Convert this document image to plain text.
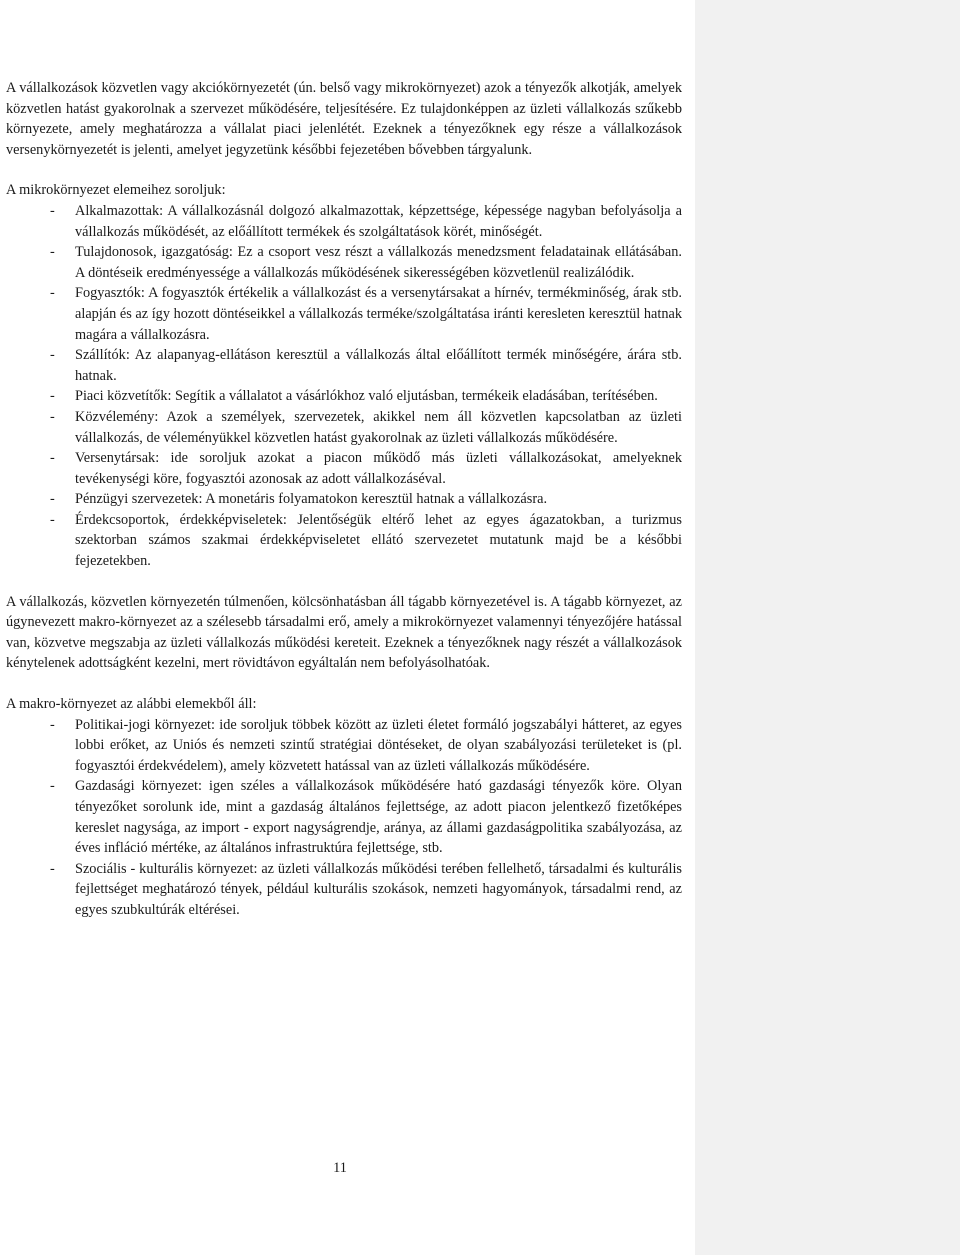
A vállalkozások közvetlen vagy akciókörnyezetét (ún. belső vagy mikrokörnyezet) azok a tényezők alkotják, amelyek közvetlen hatást gyakorolnak a szervezet működésére, teljesítésére. Ez tulajdonképpen az üzleti vállalkozás szűkebb környezete, amely meghatározza a vállalat piaci jelenlétét. Ezeknek a tényezőknek egy része a vállalkozások versenykörnyezetét is jelenti, amelyet jegyzetünk későbbi fejezetében bővebben tárgyalunk.

A mikrokörnyezet elemeihez soroljuk:

- Alkalmazottak: A vállalkozásnál dolgozó alkalmazottak, képzettsége, képessége nagyban befolyásolja a vállalkozás működését, az előállított termékek és szolgáltatások körét, minőségét.
- Tulajdonosok, igazgatóság: Ez a csoport vesz részt a vállalkozás menedzsment feladatainak ellátásában. A döntéseik eredményessége a vállalkozás működésének sikerességében közvetlenül realizálódik.
- Fogyasztók: A fogyasztók értékelik a vállalkozást és a versenytársakat a hírnév, termékminőség, árak stb. alapján és az így hozott döntéseikkel a vállalkozás terméke/szolgáltatása iránti keresleten keresztül hatnak magára a vállalkozásra.
- Szállítók: Az alapanyag-ellátáson keresztül a vállalkozás által előállított termék minőségére, árára stb. hatnak.
- Piaci közvetítők: Segítik a vállalatot a vásárlókhoz való eljutásban, termékeik eladásában, terítésében.
- Közvélemény: Azok a személyek, szervezetek, akikkel nem áll közvetlen kapcsolatban az üzleti vállalkozás, de véleményükkel közvetlen hatást gyakorolnak az üzleti vállalkozás működésére.
- Versenytársak: ide soroljuk azokat a piacon működő más üzleti vállalkozásokat, amelyeknek tevékenységi köre, fogyasztói azonosak az adott vállalkozáséval.
- Pénzügyi szervezetek: A monetáris folyamatokon keresztül hatnak a vállalkozásra.
- Érdekcsoportok, érdekképviseletek: Jelentőségük eltérő lehet az egyes ágazatokban, a turizmus szektorban számos szakmai érdekképviseletet ellátó szervezetet mutatunk majd be a későbbi fejezetekben.

A vállalkozás, közvetlen környezetén túlmenően, kölcsönhatásban áll tágabb környezetével is. A tágabb környezet, az úgynevezett makro-környezet az a szélesebb társadalmi erő, amely a mikrokörnyezet valamennyi tényezőjére hatással van, közvetve megszabja az üzleti vállalkozás működési kereteit. Ezeknek a tényezőknek nagy részét a vállalkozások kénytelenek adottságként kezelni, mert rövidtávon egyáltalán nem befolyásolhatóak.

A makro-környezet az alábbi elemekből áll:

- Politikai-jogi környezet: ide soroljuk többek között az üzleti életet formáló jogszabályi hátteret, az egyes lobbi erőket, az Uniós és nemzeti szintű stratégiai döntéseket, de olyan szabályozási területeket is (pl. fogyasztói érdekvédelem), amely közvetett hatással van az üzleti vállalkozás működésére.
- Gazdasági környezet: igen széles a vállalkozások működésére ható gazdasági tényezők köre. Olyan tényezőket sorolunk ide, mint a gazdaság általános fejlettsége, az adott piacon jelentkező fizetőképes kereslet nagysága, az import - export nagyságrendje, aránya, az állami gazdaságpolitika szabályozása, az éves infláció mértéke, az általános infrastruktúra fejlettsége, stb.
- Szociális - kulturális környezet: az üzleti vállalkozás működési terében fellelhető, társadalmi és kulturális fejlettséget meghatározó tények, például kulturális szokások, nemzeti hagyományok, társadalmi rend, az egyes szubkultúrák eltérései.
11
